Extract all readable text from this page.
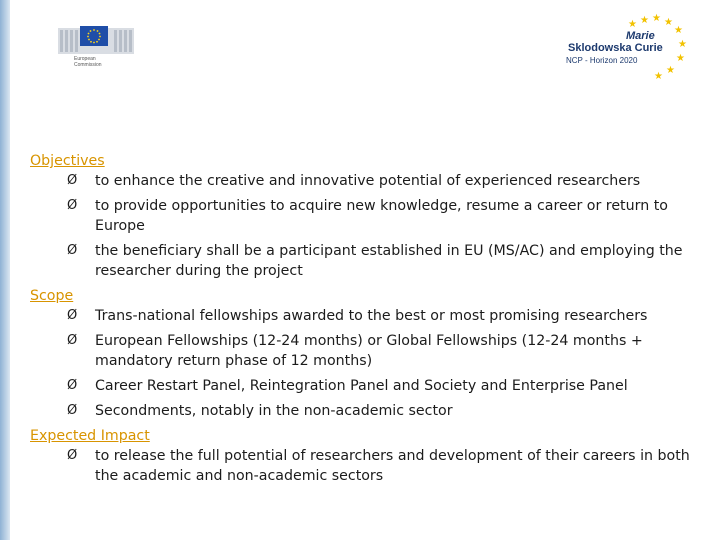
European
Commission
★ ★ ★ ★
★
★
★
★
★
Marie
Sklodowska Curie
NCP - Horizon 2020
Objectives
Ø to enhance the creative and innovative potential of experienced researchers
Ø to provide opportunities to acquire new knowledge, resume a career or return to Europe
Ø the beneficiary shall be a participant established in EU (MS/AC) and employing the researcher during the project
Scope
Ø Trans-national fellowships awarded to the best or most promising researchers
Ø European Fellowships (12-24 months) or Global Fellowships (12-24 months + mandatory return phase of 12 months)
Ø Career Restart Panel, Reintegration Panel and Society and Enterprise Panel
Ø Secondments, notably in the non-academic sector
Expected Impact
Ø to release the full potential of researchers and development of their careers in both the academic and non-academic sectors
